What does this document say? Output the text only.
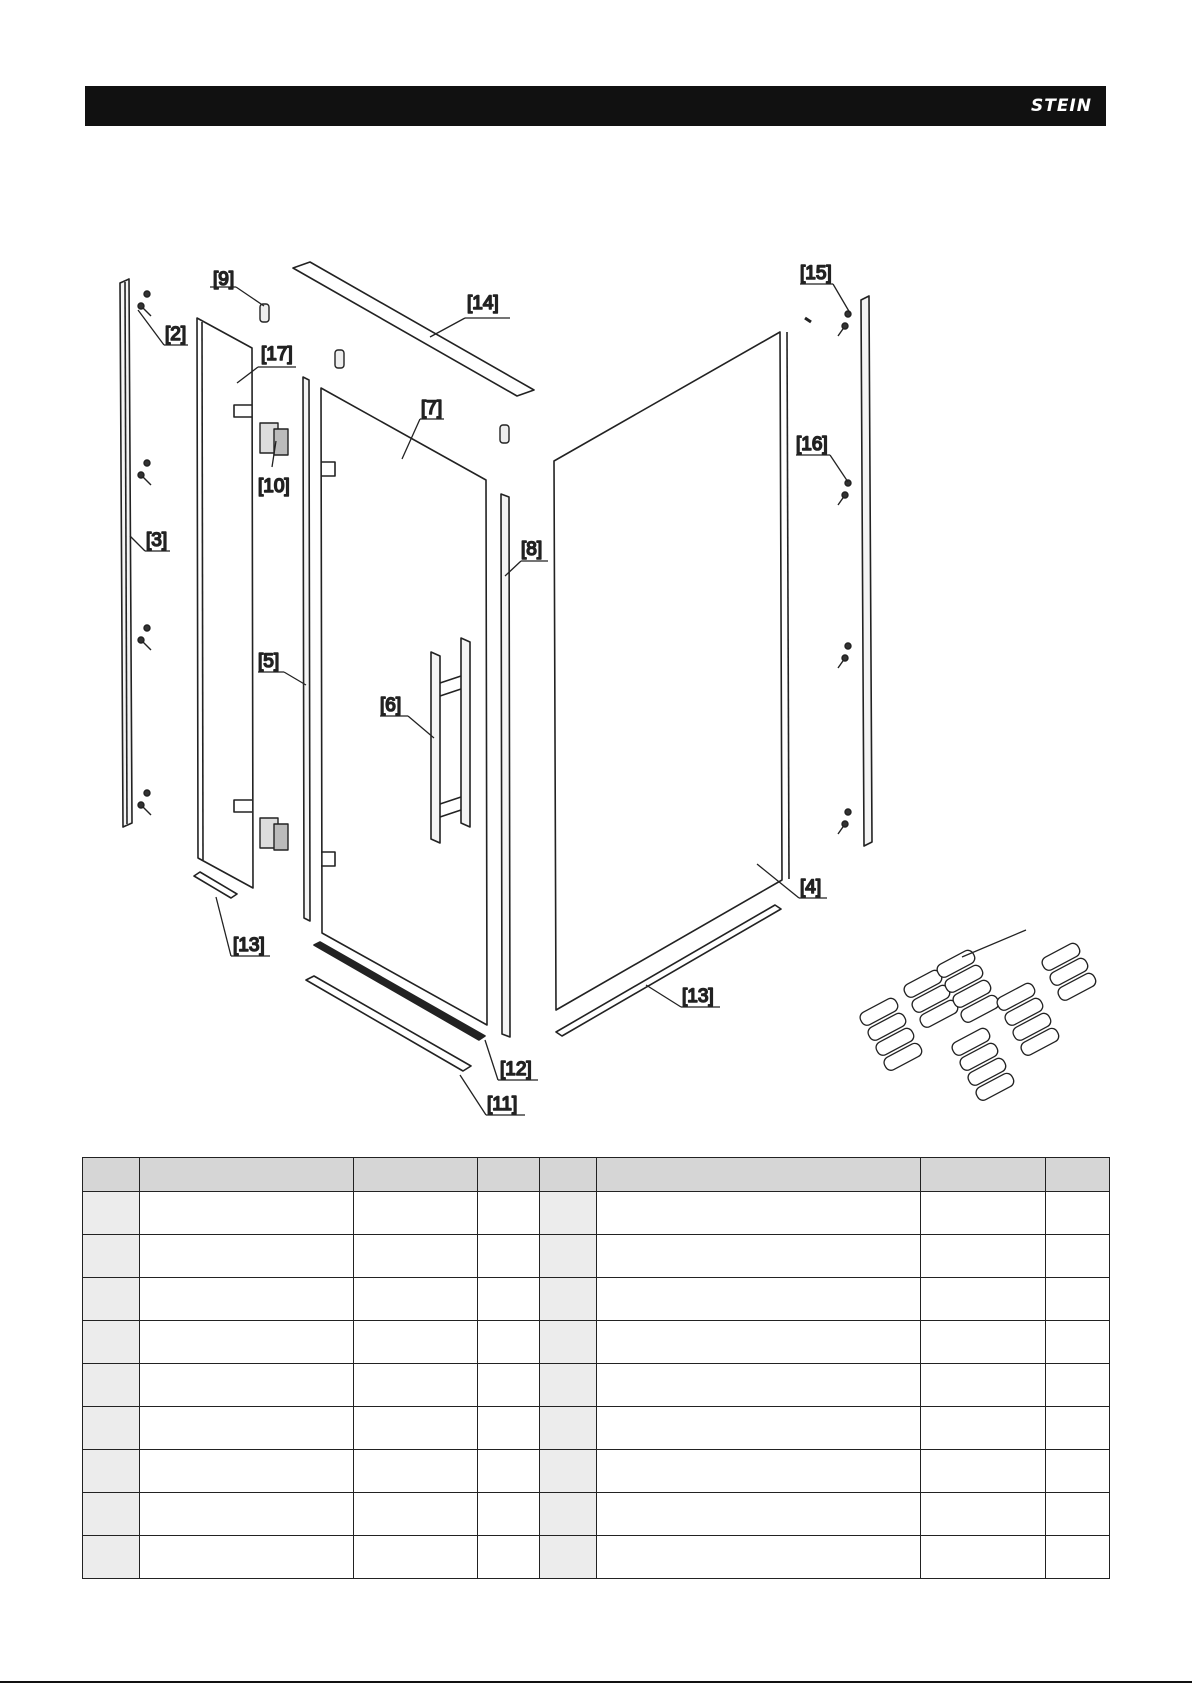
STEIN
[9]
[14]
[17]
[2]
[10]
[3]
[7]
[5]
[6]
[8]
[15]
[16]
[4]
[13]
[13]
[12]
[11]
